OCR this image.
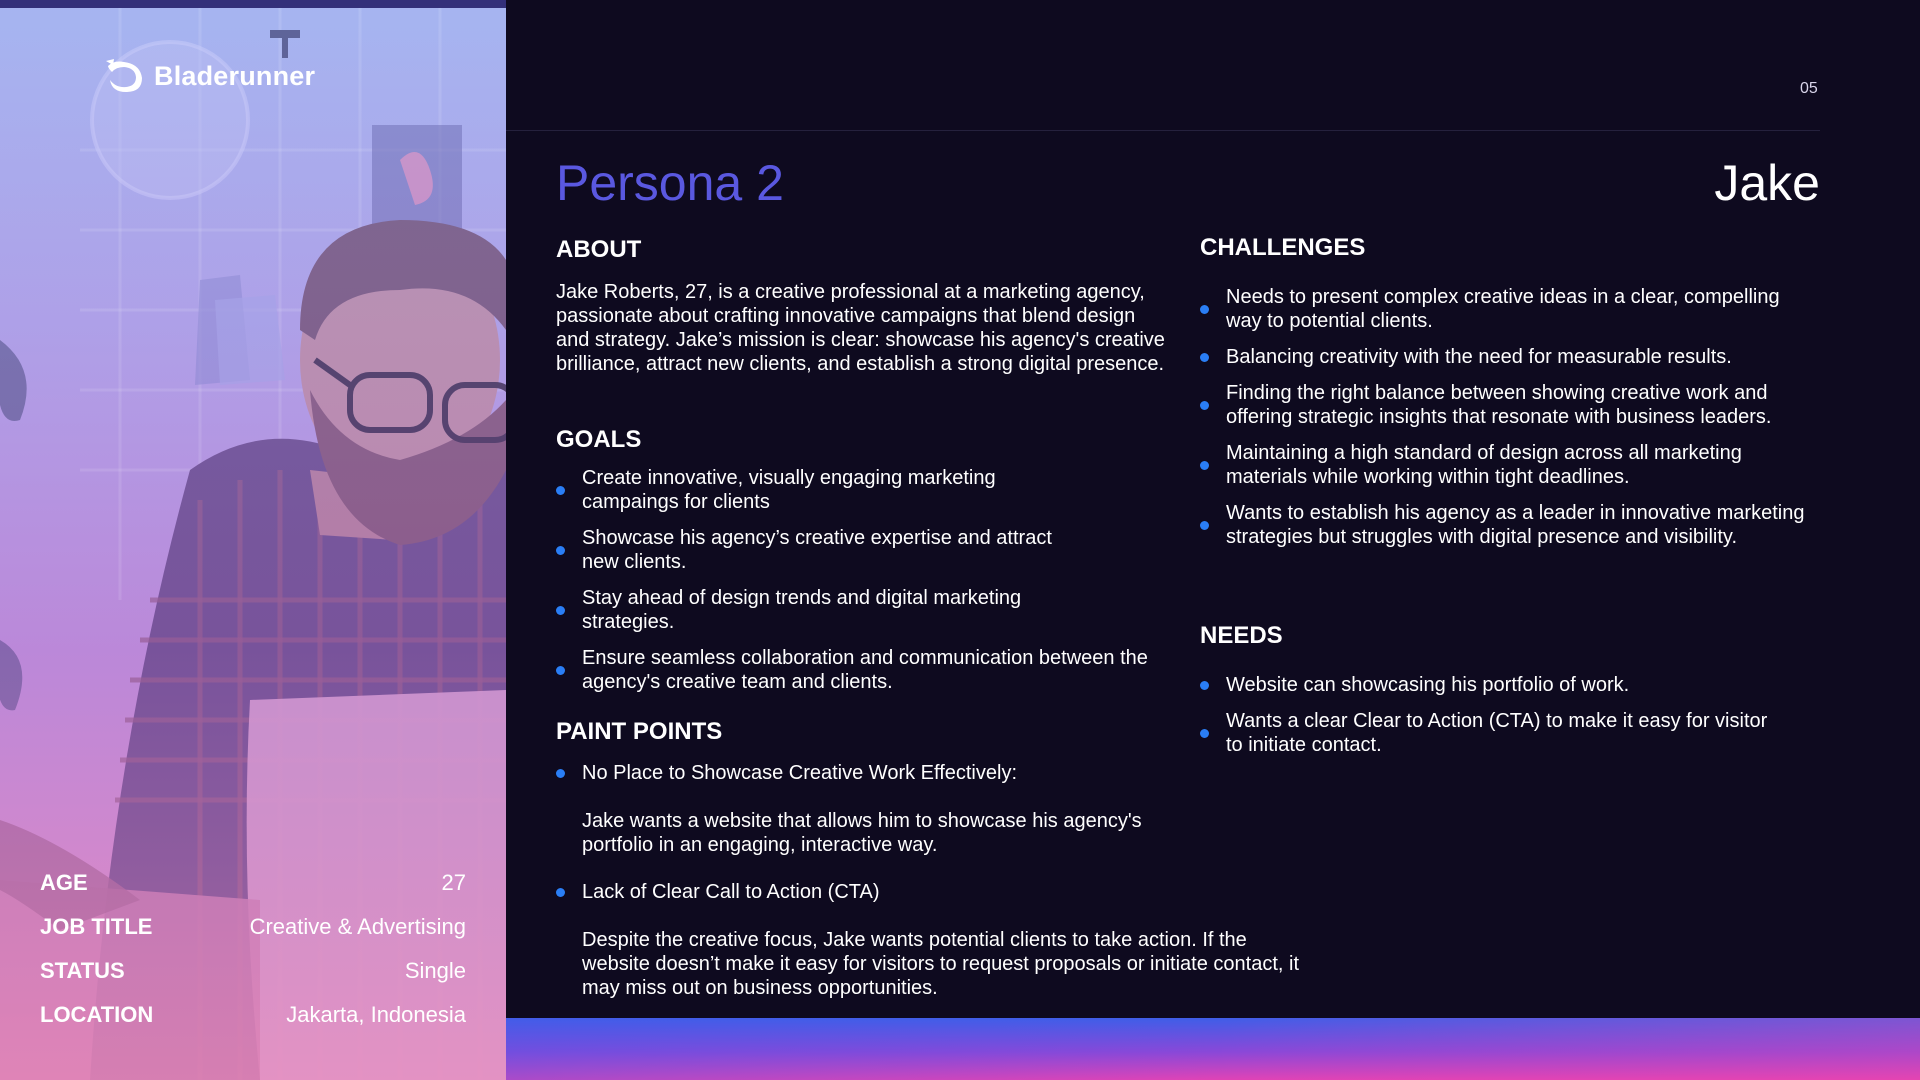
Bladerunner
AGE	27
JOB TITLE	Creative & Advertising
STATUS	Single
LOCATION	Jakarta, Indonesia
05
Persona 2	Jake
ABOUT
Jake Roberts, 27, is a creative professional at a marketing agency, passionate about crafting innovative campaigns that blend design and strategy. Jake’s mission is clear: showcase his agency's creative brilliance, attract new clients, and establish a strong digital presence.
GOALS
Create innovative, visually engaging marketing campaings for clients
Showcase his agency’s creative expertise and attract new clients.
Stay ahead of design trends and digital marketing strategies.
Ensure seamless collaboration and communication between the agency's creative team and clients.
PAINT POINTS
No Place to Showcase Creative Work Effectively:
Jake wants a website that allows him to showcase his agency's portfolio in an engaging, interactive way.
Lack of Clear Call to Action (CTA)
Despite the creative focus, Jake wants potential clients to take action. If the website doesn’t make it easy for visitors to request proposals or initiate contact, it may miss out on business opportunities.
CHALLENGES
Needs to present complex creative ideas in a clear, compelling way to potential clients.
Balancing creativity with the need for measurable results.
Finding the right balance between showing creative work and offering strategic insights that resonate with business leaders.
Maintaining a high standard of design across all marketing materials while working within tight deadlines.
Wants to establish his agency as a leader in innovative marketing strategies but struggles with digital presence and visibility.
NEEDS
Website can showcasing his portfolio of work.
Wants a clear Clear to Action (CTA) to make it easy for visitor to initiate contact.
